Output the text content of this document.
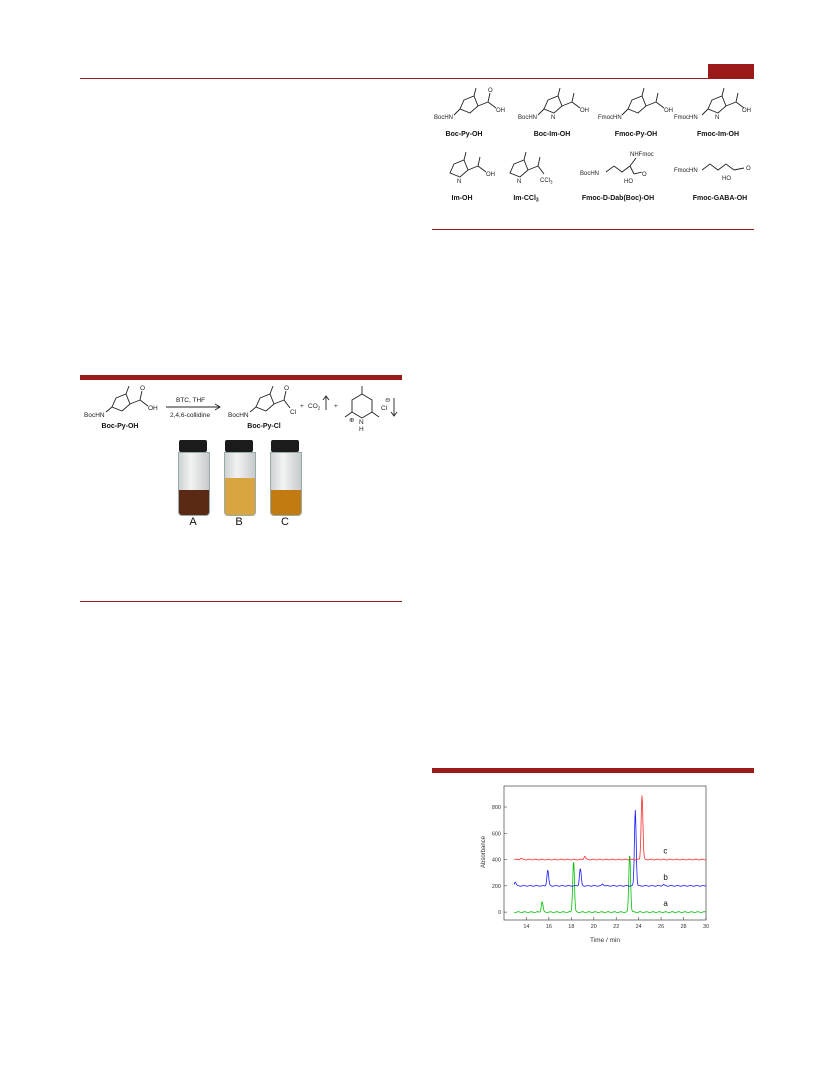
BocHN
OH
O
BocHN N
OH
FmocHN
OH
FmocHN	N
OH
N
OH
N	CCl$_3$
BocHN
NHFmoc
HO
O
FmocHN	O
HO
Boc-Py-OH	Boc-Im-OH	Fmoc-Py-OH	Fmoc-Im-OH
Im-OH	Im-CCl$_3$	Fmoc-D-Dab(Boc)-OH	Fmoc-GABA-OH
BocHN
OH
O
BTC, THF
2,4,6-collidine	BocHN	Cl
O
+ $CO_2$ +
N
H
⊕
Cl
⊖
Boc-Py-OH	Boc-Py-Cl
A	B	C
14	16	18	20	22	24	26	28	30
0
200
400
600
800
a
b
c
Time / min
Absorbance
